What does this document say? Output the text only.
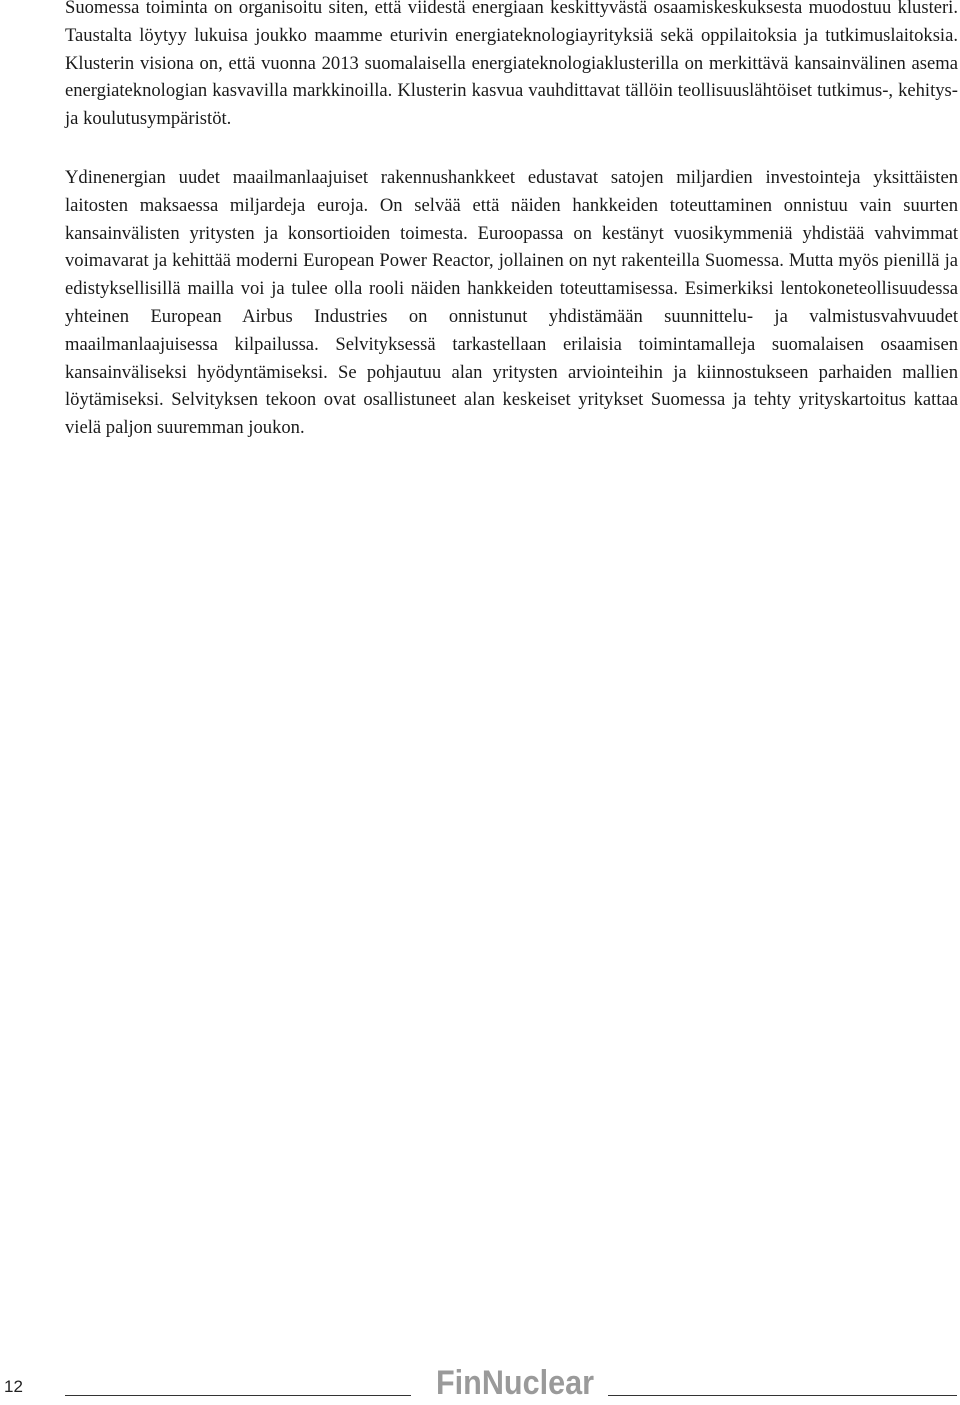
Suomessa toiminta on organisoitu siten, että viidestä energiaan keskittyvästä osaamiskeskuksesta muodostuu klusteri. Taustalta löytyy lukuisa joukko maamme eturivin energiateknologiayrityksiä sekä oppilaitoksia ja tutkimuslaitoksia. Klusterin visiona on, että vuonna 2013 suomalaisella energiateknologiaklusterilla on merkittävä kansainvälinen asema energiateknologian kasvavilla markkinoilla. Klusterin kasvua vauhdittavat tällöin teollisuuslähtöiset tutkimus-, kehitys- ja koulutusympäristöt.

Ydinenergian uudet maailmanlaajuiset rakennushankkeet edustavat satojen miljardien investointeja yksittäisten laitosten maksaessa miljardeja euroja. On selvää että näiden hankkeiden toteuttaminen onnistuu vain suurten kansainvälisten yritysten ja konsortioiden toimesta. Euroopassa on kestänyt vuosikymmeniä yhdistää vahvimmat voimavarat ja kehittää moderni European Power Reactor, jollainen on nyt rakenteilla Suomessa. Mutta myös pienillä ja edistyksellisillä mailla voi ja tulee olla rooli näiden hankkeiden toteuttamisessa. Esimerkiksi lentokoneteollisuudessa yhteinen European Airbus Industries on onnistunut yhdistämään suunnittelu- ja valmistusvahvuudet maailmanlaajuisessa kilpailussa. Selvityksessä tarkastellaan erilaisia toimintamalleja suomalaisen osaamisen kansainväliseksi hyödyntämiseksi. Se pohjautuu alan yritysten arviointeihin ja kiinnostukseen parhaiden mallien löytämiseksi. Selvityksen tekoon ovat osallistuneet alan keskeiset yritykset Suomessa ja tehty yrityskartoitus kattaa vielä paljon suuremman joukon.

12	FinNuclear
